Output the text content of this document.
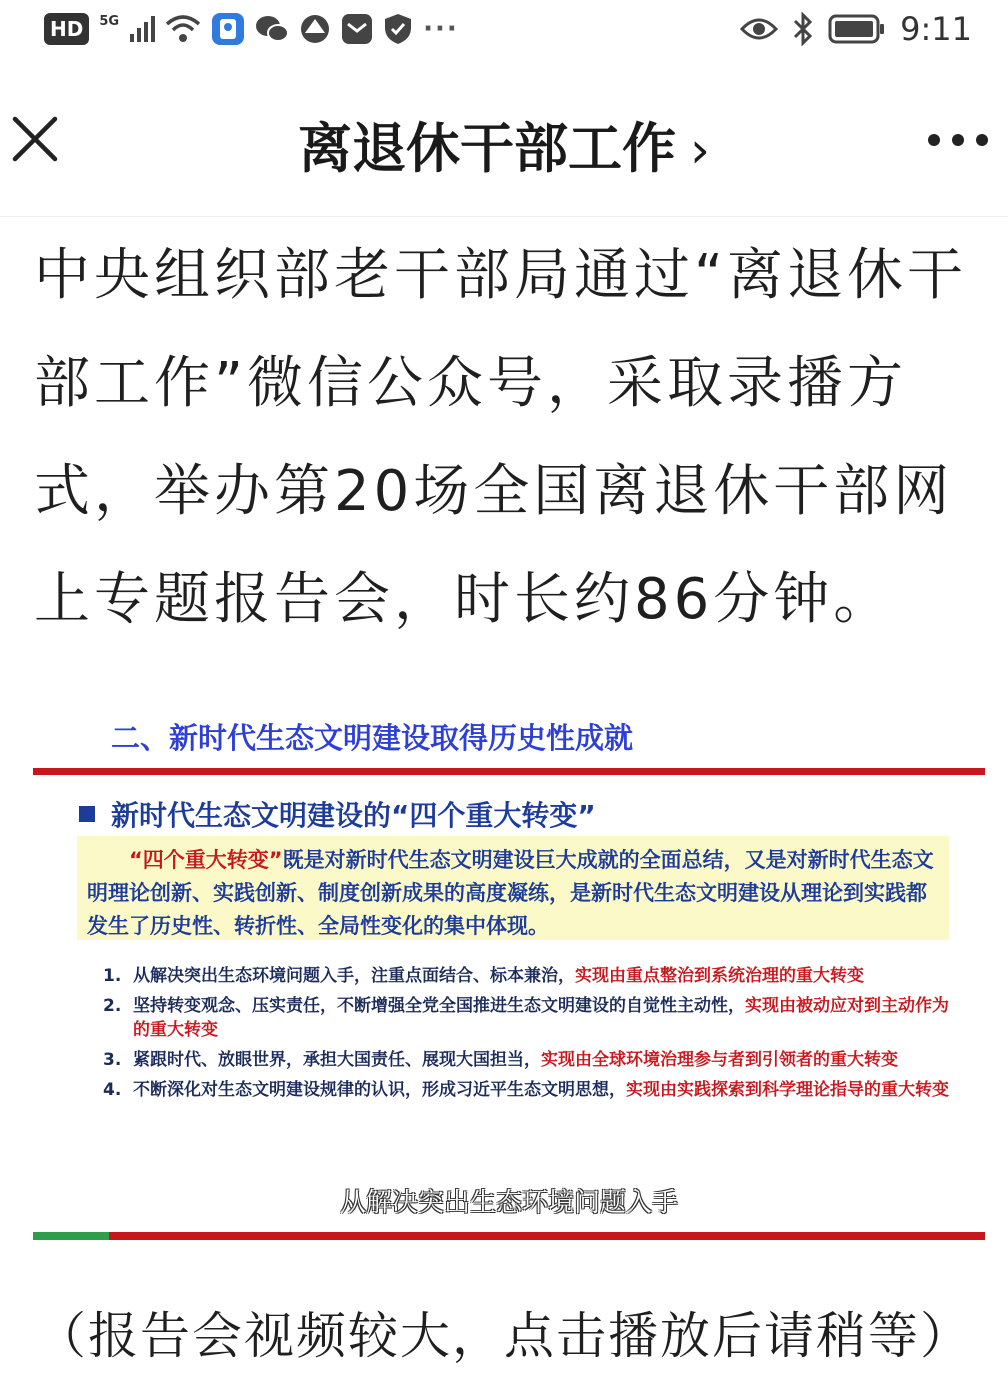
HD	5G	···	9:11
离退休干部工作 ›
中央组织部老干部局通过“离退休干部工作”微信公众号，采取录播方式，举办第20场全国离退休干部网上专题报告会，时长约86分钟。
二、新时代生态文明建设取得历史性成就
新时代生态文明建设的“四个重大转变”
“四个重大转变”既是对新时代生态文明建设巨大成就的全面总结，又是对新时代生态文明理论创新、实践创新、制度创新成果的高度凝练，是新时代生态文明建设从理论到实践都发生了历史性、转折性、全局性变化的集中体现。
1. 从解决突出生态环境问题入手，注重点面结合、标本兼治，实现由重点整治到系统治理的重大转变
2. 坚持转变观念、压实责任，不断增强全党全国推进生态文明建设的自觉性主动性，实现由被动应对到主动作为的重大转变
3. 紧跟时代、放眼世界，承担大国责任、展现大国担当，实现由全球环境治理参与者到引领者的重大转变
4. 不断深化对生态文明建设规律的认识，形成习近平生态文明思想，实现由实践探索到科学理论指导的重大转变
从解决突出生态环境问题入手
（报告会视频较大，点击播放后请稍等）
